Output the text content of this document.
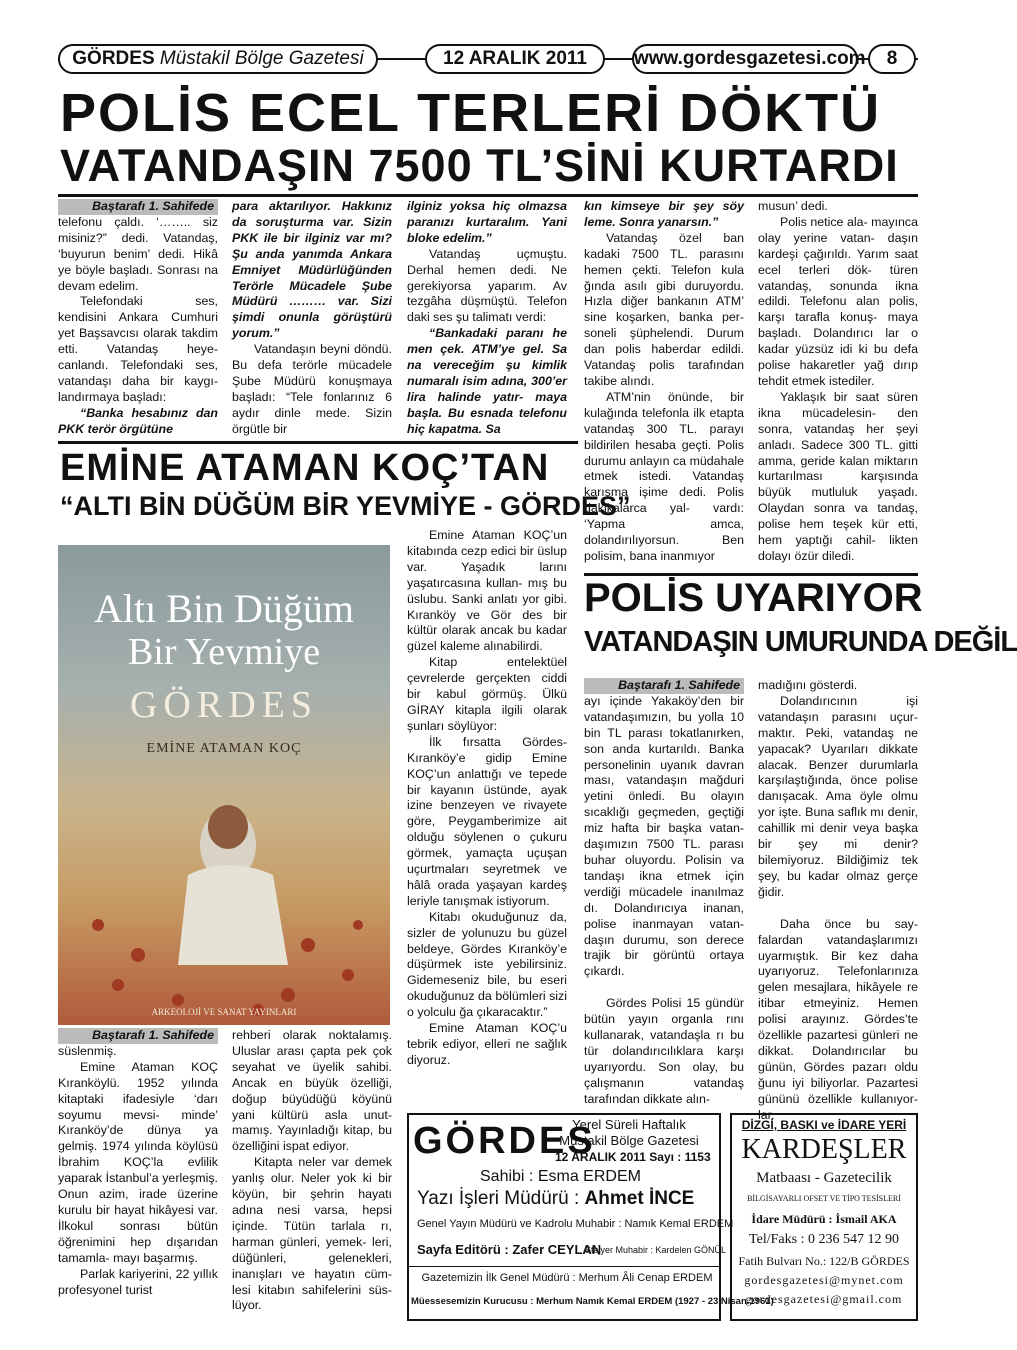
GÖRDES Müstakil Bölge Gazetesi	12 ARALIK 2011	www.gordesgazetesi.com	8
POLİS ECEL TERLERİ DÖKTÜ
VATANDAŞIN 7500 TL’SİNİ KURTARDI
Baştarafı 1. Sahifede

telefonu çaldı. ‘…….. siz misiniz?” dedi. Vatandaş, ‘buyurun benim’ dedi. Hikâ ye böyle başladı. Sonrası na devam edelim.

Telefondaki ses, kendisini Ankara Cumhuri yet Başsavcısı olarak takdim etti. Vatandaş heye- canlandı. Telefondaki ses, vatandaşı daha bir kaygı- landırmaya başladı:

“Banka hesabınız dan PKK terör örgütüne

para aktarılıyor. Hakkınız da soruşturma var. Sizin PKK ile bir ilginiz var mı? Şu anda yanımda Ankara Emniyet Müdürlüğünden Terörle Mücadele Şube Müdürü ……… var. Sizi şimdi onunla görüştürü yorum.”

Vatandaşın beyni döndü. Bu defa terörle mücadele Şube Müdürü konuşmaya başladı: “Tele fonlarınız 6 aydır dinle mede. Sizin örgütle bir

ilginiz yoksa hiç olmazsa paranızı kurtaralım. Yani bloke edelim.”

Vatandaş uçmuştu. Derhal hemen dedi. Ne gerekiyorsa yaparım. Av tezgâha düşmüştü. Telefon daki ses şu talimatı verdi:

“Bankadaki paranı he men çek. ATM’ye gel. Sa na vereceğim şu kimlik numaralı isim adına, 300’er lira halinde yatır- maya başla. Bu esnada telefonu hiç kapatma. Sa

kın kimseye bir şey söy leme. Sonra yanarsın.”

Vatandaş özel ban kadaki 7500 TL. parasını hemen çekti. Telefon kula ğında asılı gibi duruyordu. Hızla diğer bankanın ATM’ sine koşarken, banka per- soneli şüphelendi. Durum dan polis haberdar edildi. Vatandaş polis tarafından takibe alındı.

ATM’nin önünde, bir kulağında telefonla ilk etapta vatandaş 300 TL. parayı bildirilen hesaba geçti. Polis durumu anlayın ca müdahale etmek istedi. Vatandaş karışma işime dedi. Polis dakikalarca yal- vardı: ‘Yapma amca, dolandırılıyorsun. Ben polisim, bana inanmıyor

musun’ dedi.

Polis netice ala- mayınca olay yerine vatan- daşın kardeşi çağırıldı. Yarım saat ecel terleri dök- türen vatandaş, sonunda ikna edildi. Telefonu alan polis, karşı tarafla konuş- maya başladı. Dolandırıcı lar o kadar yüzsüz idi ki bu defa polise hakaretler yağ dırıp tehdit etmek istediler.

Yaklaşık bir saat süren ikna mücadelesin- den sonra, vatandaş her şeyi anladı. Sadece 300 TL. gitti amma, geride kalan miktarın kurtarılması karşısında büyük mutluluk yaşadı. Olaydan sonra va tandaş, polise hem teşek kür etti, hem yaptığı cahil- likten dolayı özür diledi.

EMİNE ATAMAN KOÇ’TAN
“ALTI BİN DÜĞÜM BİR YEVMİYE - GÖRDES”
Altı Bin Düğüm
Bir Yevmiye
GÖRDES
EMİNE ATAMAN KOÇ
ARKEOLOJİ VE SANAT YAYINLARI

Emine Ataman KOÇ’un kitabında cezp edici bir üslup var. Yaşadık larını yaşatırcasına kullan- mış bu üslubu. Sanki anlatı yor gibi. Kıranköy ve Gör des bir kültür olarak ancak bu kadar güzel kaleme alınabilirdi.

Kitap entelektüel çevrelerde gerçekten ciddi bir kabul görmüş. Ülkü GİRAY kitapla ilgili olarak şunları söylüyor:

İlk fırsatta Gördes- Kıranköy’e gidip Emine KOÇ’un anlattığı ve tepede bir kayanın üstünde, ayak izine benzeyen ve rivayete göre, Peygamberimize ait olduğu söylenen o çukuru görmek, yamaçta uçuşan uçurtmaları seyretmek ve hâlâ orada yaşayan kardeş leriyle tanışmak istiyorum.

Kitabı okuduğunuz da, sizler de yolunuzu bu güzel beldeye, Gördes Kıranköy’e düşürmek iste yebilirsiniz. Gidemeseniz bile, bu eseri okuduğunuz da bölümleri sizi o yolculu ğa çıkaracaktır.”

Emine Ataman KOÇ’u tebrik ediyor, elleri ne sağlık diyoruz.

Baştarafı 1. Sahifede

süslenmiş.

Emine Ataman KOÇ Kıranköylü. 1952 yılında kitaptaki ifadesiyle ‘darı soyumu mevsi- minde’ Kıranköy’de dünya ya gelmiş. 1974 yılında köylüsü İbrahim KOÇ’la evlilik yaparak İstanbul’a yerleşmiş. Onun azim, irade üzerine kurulu bir hayat hikâyesi var. İlkokul sonrası bütün öğrenimini hep dışarıdan tamamla- mayı başarmış.

Parlak kariyerini, 22 yıllık profesyonel turist

rehberi olarak noktalamış. Uluslar arası çapta pek çok seyahat ve üyelik sahibi. Ancak en büyük özelliği, doğup büyüdüğü köyünü yani kültürü asla unut- mamış. Yayınladığı kitap, bu özelliğini ispat ediyor.

Kitapta neler var demek yanlış olur. Neler yok ki bir köyün, bir şehrin hayatı adına nesi varsa, hepsi içinde. Tütün tarlala rı, harman günleri, yemek- leri, düğünleri, gelenekleri, inanışları ve hayatın cüm- lesi kitabın sahifelerini süs- lüyor.

POLİS UYARIYOR
VATANDAŞIN UMURUNDA DEĞİL
Baştarafı 1. Sahifede

ayı içinde Yakaköy’den bir vatandaşımızın, bu yolla 10 bin TL parası tokatlanırken, son anda kurtarıldı. Banka personelinin uyanık davran ması, vatandaşın mağduri yetini önledi. Bu olayın sıcaklığı geçmeden, geçtiği miz hafta bir başka vatan- daşımızın 7500 TL. parası buhar oluyordu. Polisin va tandaşı ikna etmek için verdiği mücadele inanılmaz dı. Dolandırıcıya inanan, polise inanmayan vatan- daşın durumu, son derece trajik bir görüntü ortaya çıkardı.

Gördes Polisi 15 gündür bütün yayın organla rını kullanarak, vatandaşla rı bu tür dolandırıcılıklara karşı uyarıyordu. Son olay, bu çalışmanın vatandaş tarafından dikkate alın-

madığını gösterdi.

Dolandırıcının işi vatandaşın parasını uçur- maktır. Peki, vatandaş ne yapacak? Uyarıları dikkate alacak. Benzer durumlarla karşılaştığında, önce polise danışacak. Ama öyle olmu yor işte. Buna saflık mı denir, cahillik mi denir veya başka bir şey mi denir? bilemiyoruz. Bildiğimiz tek şey, bu kadar olmaz gerçe ğidir.

Daha önce bu say- falardan vatandaşlarımızı uyarmıştık. Bir kez daha uyarıyoruz. Telefonlarınıza gelen mesajlara, hikâyele re itibar etmeyiniz. Hemen polisi arayınız. Gördes’te özellikle pazartesi günleri ne dikkat. Dolandırıcılar bu günün, Gördes pazarı oldu ğunu iyi biliyorlar. Pazartesi gününü özellikle kullanıyor- lar.

Yerel Süreli Haftalık
Müstakil Bölge Gazetesi
GÖRDES
12 ARALIK 2011 Sayı : 1153
Sahibi : Esma ERDEM
Yazı İşleri Müdürü : Ahmet İNCE
Genel Yayın Müdürü ve Kadrolu Muhabir : Namık Kemal ERDEM
Sayfa Editörü : Zafer CEYLAN
Stajyer Muhabir : Kardelen GÖNÜL
Gazetemizin İlk Genel Müdürü : Merhum Âli Cenap ERDEM
Müessesemizin Kurucusu : Merhum Namık Kemal ERDEM (1927 - 23.Nisan.1961)
DİZGİ, BASKI ve İDARE YERİ
KARDEŞLER
Matbaası - Gazetecilik
BİLGİSAYARLI OFSET VE TİPO TESİSLERİ
İdare Müdürü : İsmail AKA
Tel/Faks : 0 236 547 12 90
Fatih Bulvarı No.: 122/B GÖRDES
gordesgazetesi@mynet.com
gordesgazetesi@gmail.com
